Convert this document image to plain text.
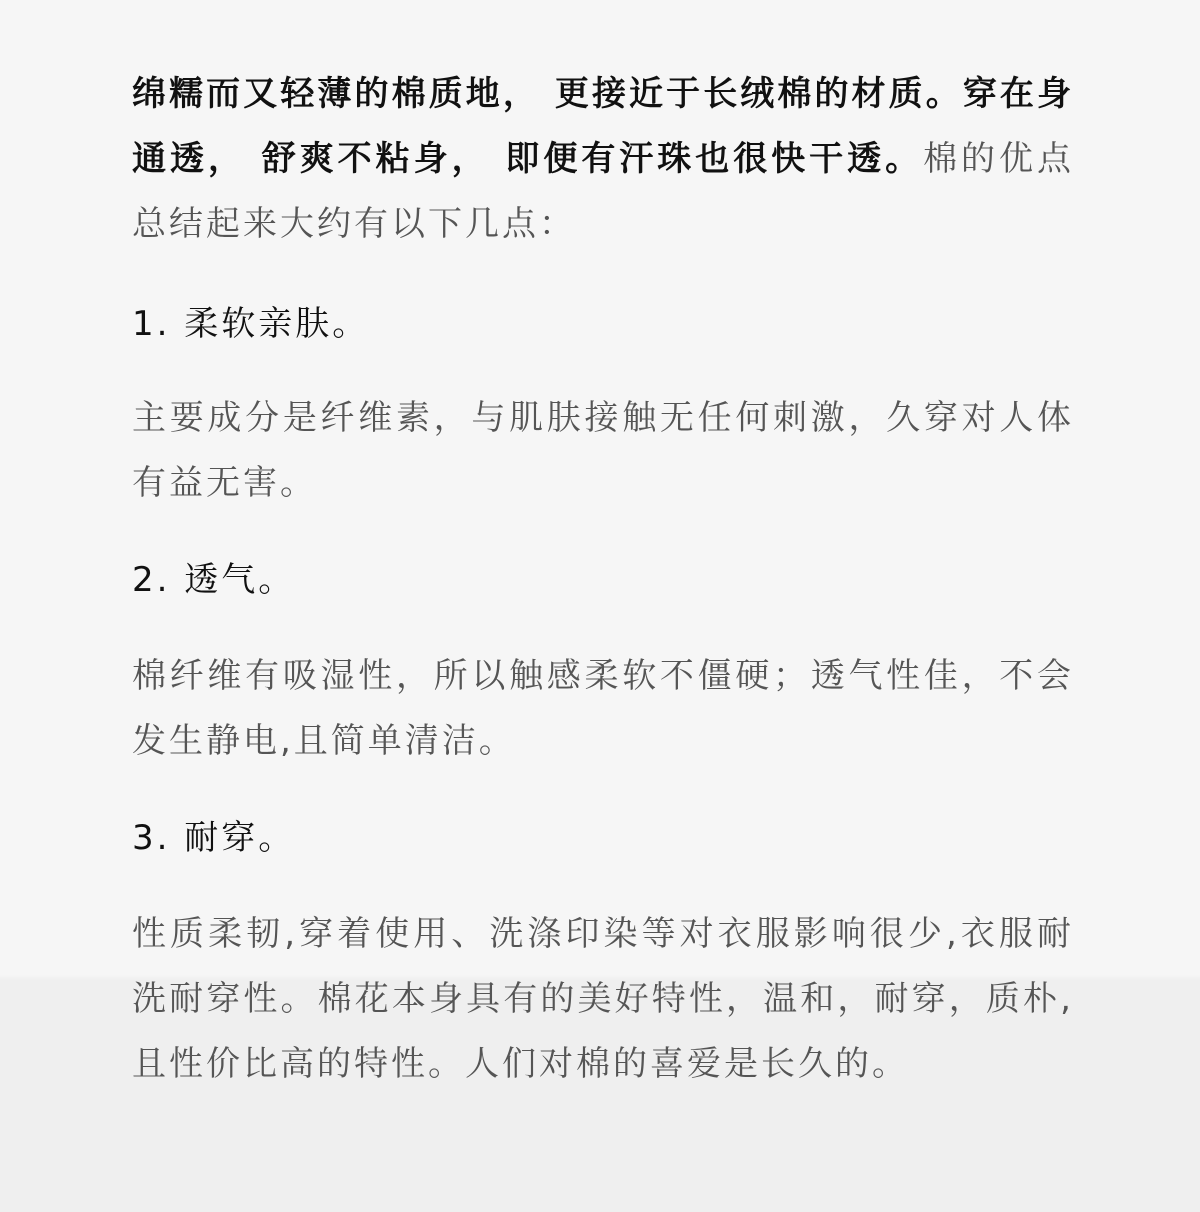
绵糯而又轻薄的棉质地， 更接近于长绒棉的材质。穿在身通透， 舒爽不粘身， 即便有汗珠也很快干透。棉的优点总结起来大约有以下几点：

1. 柔软亲肤。

主要成分是纤维素，与肌肤接触无任何刺激，久穿对人体有益无害。

2. 透气。

棉纤维有吸湿性，所以触感柔软不僵硬；透气性佳，不会发生静电,且简单清洁。

3. 耐穿。

性质柔韧,穿着使用、洗涤印染等对衣服影响很少,衣服耐洗耐穿性。棉花本身具有的美好特性，温和，耐穿，质朴,且性价比高的特性。人们对棉的喜爱是长久的。
